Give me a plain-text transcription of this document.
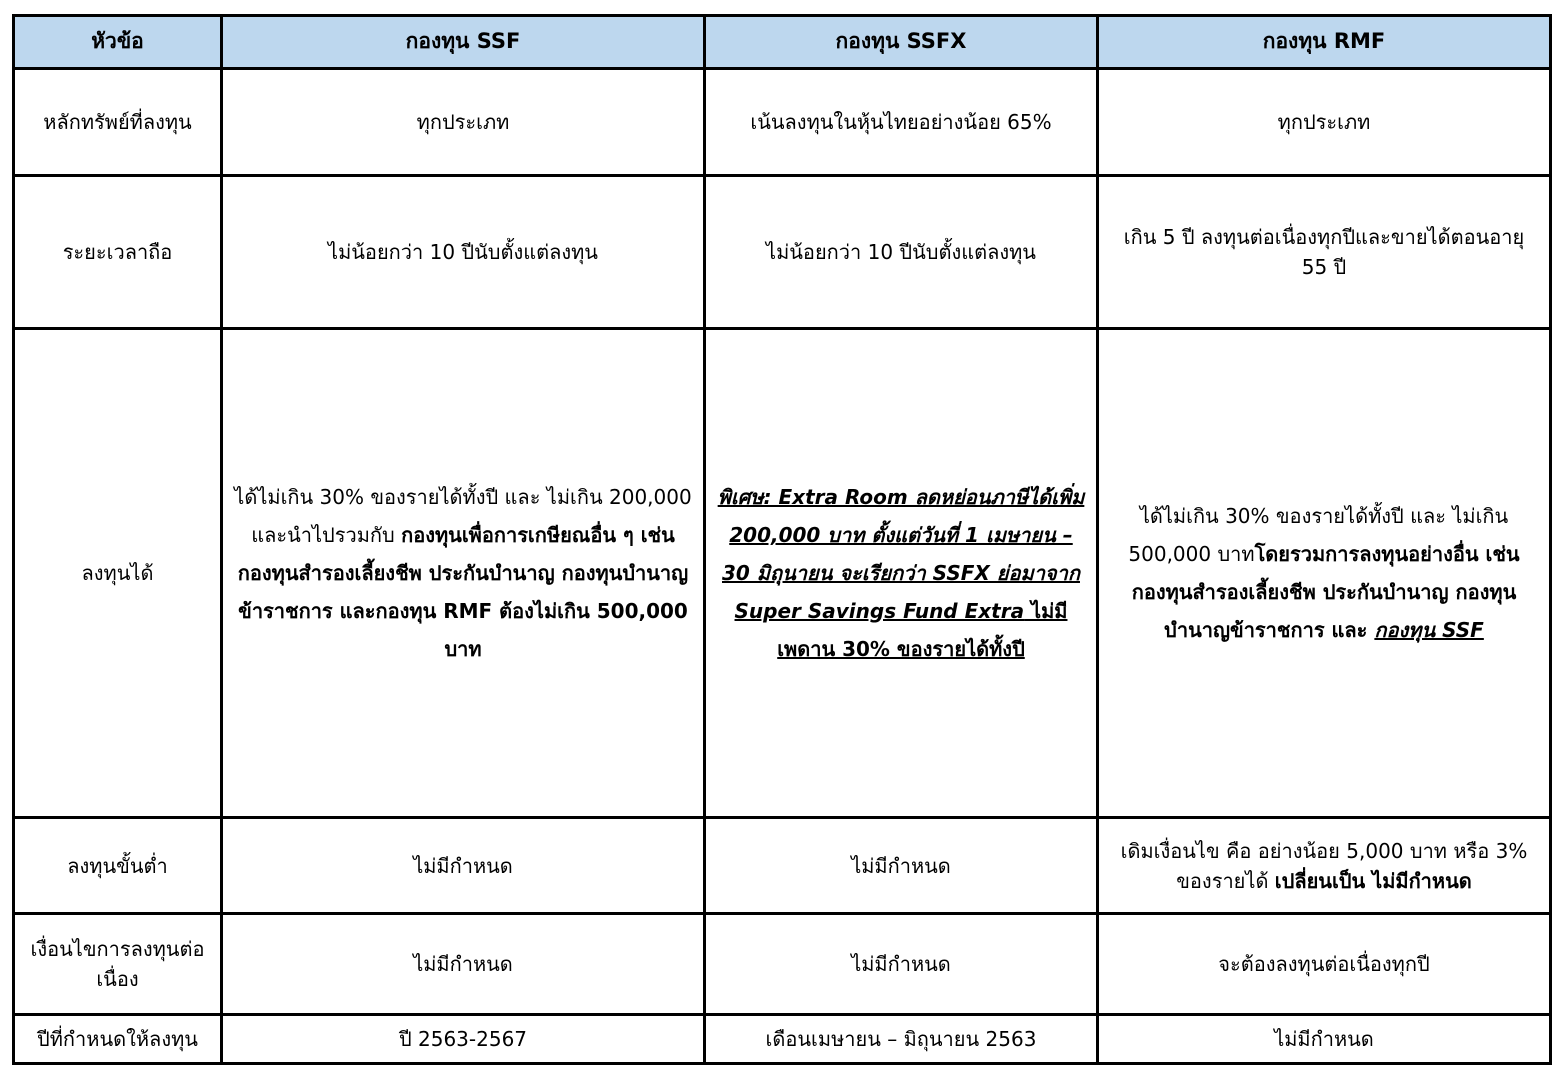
หัวข้อ	กองทุน SSF	กองทุน SSFX	กองทุน RMF
หลักทรัพย์ที่ลงทุน	ทุกประเภท	เน้นลงทุนในหุ้นไทยอย่างน้อย 65%	ทุกประเภท
ระยะเวลาถือ	ไม่น้อยกว่า 10 ปีนับตั้งแต่ลงทุน	ไม่น้อยกว่า 10 ปีนับตั้งแต่ลงทุน	เกิน 5 ปี ลงทุนต่อเนื่องทุกปีและขายได้ตอนอายุ
55 ปี

ลงทุนได้	ได้ไม่เกิน 30% ของรายได้ทั้งปี และ ไม่เกิน 200,000 และนำไปรวมกับ กองทุนเพื่อการเกษียณอื่น ๆ เช่น กองทุนสำรองเลี้ยงชีพ ประกันบำนาญ กองทุนบำนาญข้าราชการ และกองทุน RMF ต้องไม่เกิน 500,000 บาท	พิเศษ: Extra Room ลดหย่อนภาษีได้เพิ่ม 200,000 บาท ตั้งแต่วันที่ 1 เมษายน – 30 มิถุนายน จะเรียกว่า SSFX ย่อมาจาก Super Savings Fund Extra ไม่มีเพดาน 30% ของรายได้ทั้งปี	ได้ไม่เกิน 30% ของรายได้ทั้งปี และ ไม่เกิน 500,000 บาทโดยรวมการลงทุนอย่างอื่น เช่น กองทุนสำรองเลี้ยงชีพ ประกันบำนาญ กองทุนบำนาญข้าราชการ และ กองทุน SSF
ลงทุนขั้นต่ำ	ไม่มีกำหนด	ไม่มีกำหนด	เดิมเงื่อนไข คือ อย่างน้อย 5,000 บาท หรือ 3% ของรายได้ เปลี่ยนเป็น ไม่มีกำหนด
เงื่อนไขการลงทุนต่อเนื่อง	ไม่มีกำหนด	ไม่มีกำหนด	จะต้องลงทุนต่อเนื่องทุกปี
ปีที่กำหนดให้ลงทุน	ปี 2563-2567	เดือนเมษายน – มิถุนายน 2563	ไม่มีกำหนด
